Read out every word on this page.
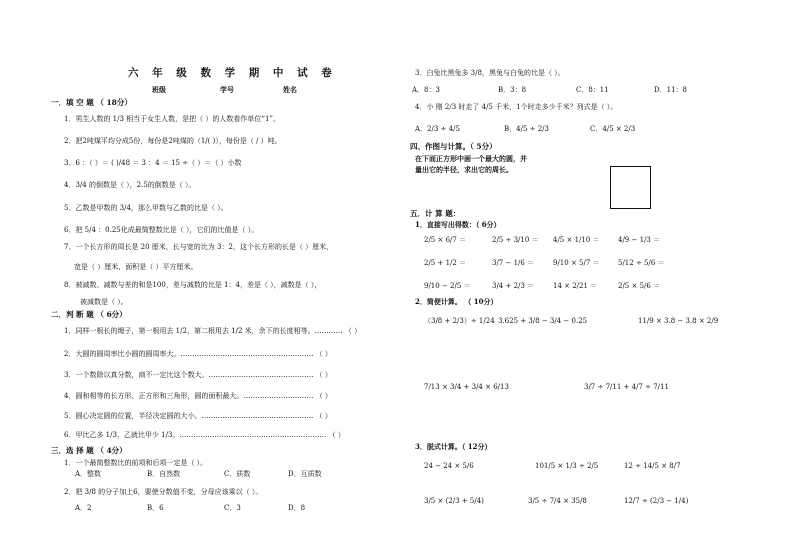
六 年 级 数 学 期 中 试 卷
班级	学号	姓名
一．填 空 题 （ 18分）
1．男生人数的 1/3 相当于女生人数，是把（ ）的人数看作单位“1”。
2．把2吨煤平均分成5份，每份是2吨煤的（1/( )），每份是（ / ）吨。
3．6 ：（ ）＝ ( )/48 ＝ 3 ：4 ＝ 15 ÷（ ）＝（ ）小数
4．3/4 的倒数是（ ），2.5的倒数是（ ）。
5．乙数是甲数的 3/4，那么甲数与乙数的比是（ ）。
6．把 5/4 ：0.25化成最简整数比是（ ），它们的比值是（ ）。
7．一个长方形的周长是 20 厘米，长与宽的比为 3：2，这个长方形的长是（ ）厘米，
宽是（ ）厘米，面积是（ ）平方厘米。
8．被减数、减数与差的和是100，差与减数的比是 1：4，差是（ ），减数是（ ），
被减数是（ ）。
二．判 断 题 （ 6分）
1．同样一根长的绳子，第一根用去 1/2，第二根用去 1/2 米，余下的长度相等。………… （ ）
2．大圆的圆周率比小圆的圆周率大。………………………………………………… （ ）
3．一个数除以真分数，商不一定比这个数大。……………………………………… （ ）
4．圆和相等的长方形、正方形和三角形，圆的面积最大。………………………… （ ）
5．圆心决定圆的位置，半径决定圆的大小。………………………………………… （ ）
6．甲比乙多 1/3，乙就比甲少 1/3。……………………………………………………… （ ）
三．选 择 题 （ 4分）
1．一个最简整数比的前项和后项一定是（ ）。
A．整数	B．自然数	C．质数	D．互质数
2．把 3/8 的分子加上6，要使分数值不变，分母应该乘以（ ）。
A．2	B．6	C．3	D．8
3．白兔比黑兔多 3/8，黑兔与白兔的比是（ ）。
A．8：3	B．3：8	C．8：11	D．11：8
4．小 刚 2/3 时走了 4/5 千米，1个时走多少千米？列式是（ ）。
A．2/3 ÷ 4/5	B．4/5 ÷ 2/3	C．4/5 × 2/3
四、作图与计算。（ 5分）
在下面正方形中画一个最大的圆，并
量出它的半径，求出它的周长。
五．计 算 题：
1．直接写出得数：（ 6分）
2/5 × 6/7 ＝	2/5 ÷ 3/10 ＝ 4/5 × 1/10 ＝	4/9 − 1/3 ＝
2/5 + 1/2 ＝	3/7 − 1/6 ＝	9/10 × 5/7 ＝	5/12 ÷ 5/6 ＝
9/10 − 2/5 ＝	3/4 + 2/3 ＝	14 × 2/21 ＝	2/5 × 5/6 ＝
2．简便计算。 （ 10分）
（3/8 + 2/3）÷ 1/24 3.625 + 3/8 − 3/4 − 0.25	11/9 × 3.8 − 3.8 × 2/9
7/13 × 3/4 + 3/4 × 6/13	3/7 ÷ 7/11 + 4/7 ÷ 7/11
3．脱式计算。（ 12分）
24 − 24 × 5/6	101/5 × 1/3 ÷ 2/5	12 ÷ 14/5 × 8/7
3/5 × (2/3 + 5/4)	3/5 ÷ 7/4 × 35/8	12/7 ÷ (2/3 − 1/4)
